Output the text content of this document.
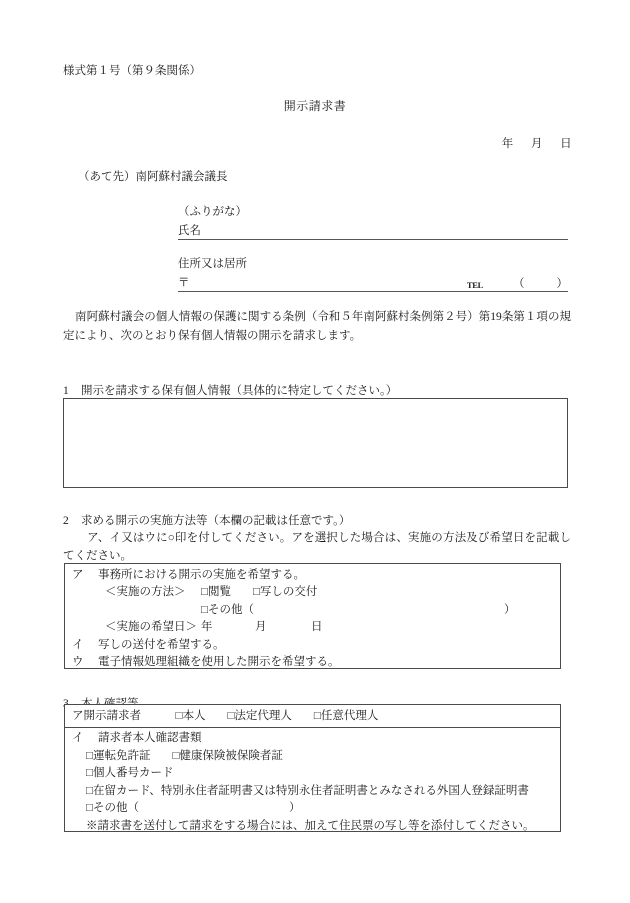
様式第１号（第９条関係）
開示請求書
年 月 日
（あて先）南阿蘇村議会議長
（ふりがな）
氏名
住所又は居所
〒	TEL	（	）
南阿蘇村議会の個人情報の保護に関する条例（令和５年南阿蘇村条例第２号）第19条第１項の規定により、次のとおり保有個人情報の開示を請求します。
1 開示を請求する保有個人情報（具体的に特定してください。）
2 求める開示の実施方法等（本欄の記載は任意です。）
ア、イ又はウに○印を付してください。アを選択した場合は、実施の方法及び希望日を記載してください。
ア 事務所における開示の実施を希望する。
＜実施の方法＞ □閲覧 □写しの交付
□その他（	）
＜実施の希望日＞ 年	月	日
イ 写しの送付を希望する。
ウ 電子情報処理組織を使用した開示を希望する。
ア開示請求者	□本人 □法定代理人 □任意代理人
イ 請求者本人確認書類
□運転免許証 □健康保険被保険者証
□個人番号カード
□在留カード、特別永住者証明書又は特別永住者証明書とみなされる外国人登録証明書
□その他（	）
※請求書を送付して請求をする場合には、加えて住民票の写し等を添付してください。
